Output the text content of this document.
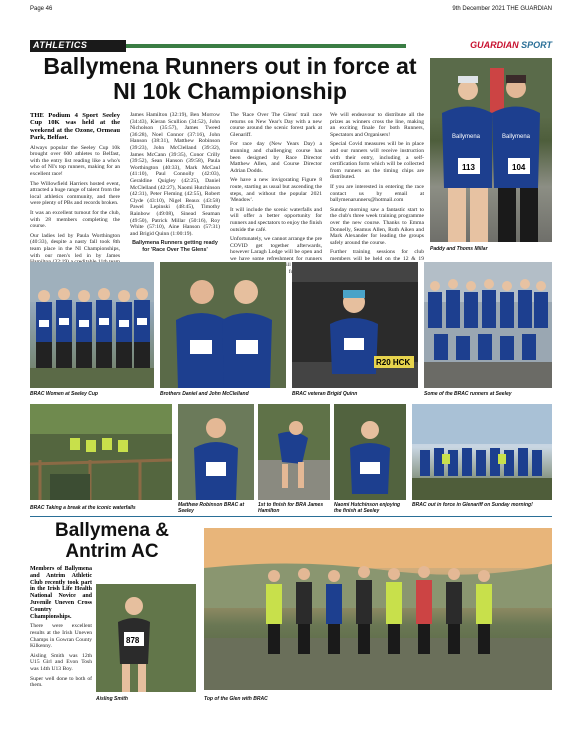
Page 46	9th December 2021 THE GUARDIAN
ATHLETICS	GUARDIAN SPORT
Ballymena Runners out in force at NI 10k Championship
Ballymena	Ballymena
113	104
Paddy and Thoms Millar

THE Podium 4 Sport Seeley Cup 10K was held at the weekend at the Ozone, Ormeau Park, Belfast.

Always popular the Seeley Cup 10k brought over 600 athletes to Belfast, with the entry list reading like a who's who of NI's top runners, making for an excellent race!

The Willowfield Harriers hosted event, attracted a huge range of talent from the local athletics community, and there were plenty of PBs and records broken.

It was an excellent turnout for the club, with 28 members completing the course.

Our ladies led by Paula Worthington (40:33), despite a nasty fall took 8th team place in the NI Championships, with our men's led in by James

James Hamilton (32:19), Ben Morrow (34:43), Kieran Scullion (34:52), John Nicholson (35:57), James Tweed (36:28), Noel Connor (37:16), John Hanson (38:31), Matthew Robinson (39:23), John McClelland (39:32), James McCann (39:35), Conor Crilly (39:52), Sean Hanson (39:58), Paula Worthington (40:33), Mark McCaul (41:10), Paul Connolly (42:03), Geraldine Quigley (42:25), Daniel McClelland (42:27), Naomi Hutchinson (42:31), Peter Fleming (42:55), Robert Clyde (43:10), Nigel Beaux (43:58) Pawel Lepinski (48:45), Timothy Rainbow (49:08), Sinead Seaman (49:50), Patrick Millar (50:16), Roy White (57:10), Aine Hanson (57:31) and Brigid Quinn (1:00:19).

Ballymena Runners getting ready for 'Race Over The Glens'

The 'Race Over The Glens' trail race returns on New Year's Day with a new course around the scenic forest park at Glenariff.

For race day (New Years Day) a stunning and challenging course has been designed by Race Director Matthew Allen, and Course Director Adrian Dodds.

We have a new invigorating Figure 8 route, starting as usual but ascending the steps, and without the popular 2021 'Meadow'.

It will include the scenic waterfalls and will offer a better opportunity for runners and spectators to enjoy the finish outside the café.

Unfortunately, we cannot arrange the pre COVID get together afterwards, however Laragh Lodge will be open and we have some refreshment for runners will

We will endeavour to distribute all the prizes as winners cross the line, making an exciting finale for both Runners, Spectators and Organisers!

Special Covid measures will be in place and our runners will receive instruction with their entry, including a self-certification form which will be collected from runners as the timing chips are distributed.

If you are interested in entering the race contact us by email at ballymenarunners@hotmail.com

Sunday morning saw a fantastic start to the club's three week training programme over the new course. Thanks to Emma Donnelly, Seamus Allen, Ruth Aiken and Mark Alexander for leading the groups safely around the course.

Further training sessions for club members will be held on the 12 & 19

R20 HCK
BRAC Women at Seeley Cup	Brothers Daniel and John McClelland	BRAC veteran Brigid Quinn	Some of the BRAC runners at Seeley
BRAC Taking a break at the iconic waterfalls	Matthew Robinson BRAC at Seeley
1st to finish for BRA James Hamilton
Naomi Hutchinson enjoying the finish at Seeley
BRAC out in force in Glenariff on Sunday morning!
Ballymena & Antrim AC

Members of Ballymena and Antrim Athletic Club recently took part in the Irish Life Health National Novice and Juvenile Uneven Cross Country Championships.

There were excellent results at the Irish Uneven Champs in Gowran County Kilkenny.

Aisling Smith was 12th U15 Girl and Evon Tosh was 14th U13 Boy.

Super well done to both of them.

878
Aisling Smith	Top of the Glen with BRAC
